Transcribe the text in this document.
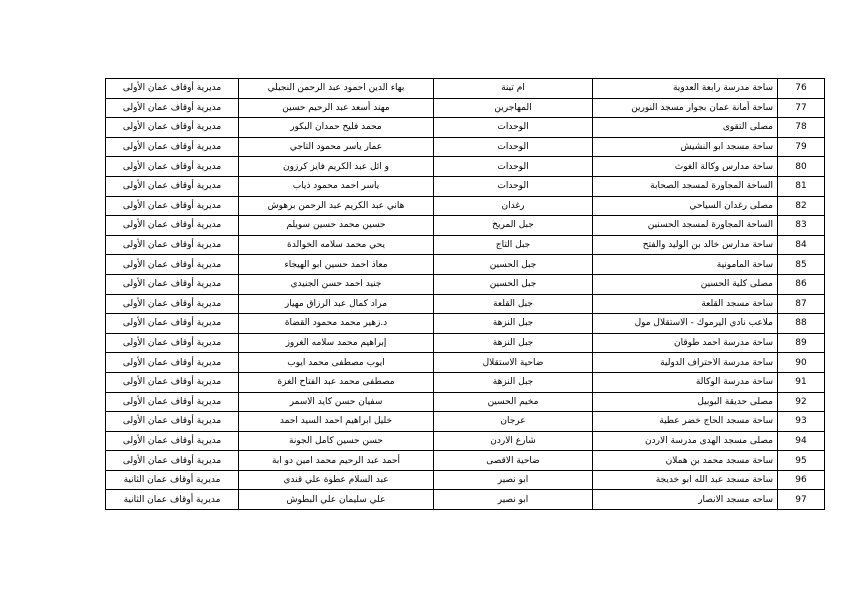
76	ساحة مدرسة رابعة العدوية	ام تينة	بهاء الدين احمود عبد الرحمن النجيلي	مديرية أوقاف عمان الأولى
77	ساحة أمانة عمان بجوار مسجد النورين	المهاجرين	مهند أسعد عبد الرحيم حسين	مديرية أوقاف عمان الأولى
78	مصلى التقوى	الوحدات	محمد فليح حمدان البكور	مديرية أوقاف عمان الأولى
79	ساحة مسجد ابو النشيش	الوحدات	عمار ياسر محمود التاجي	مديرية أوقاف عمان الأولى
80	ساحة مدارس وكالة الغوث	الوحدات	و ائل عبد الكريم فايز كرزون	مديرية أوقاف عمان الأولى
81	الساحة المجاورة لمسجد الصحابة	الوحدات	ياسر احمد محمود ذياب	مديرية أوقاف عمان الأولى
82	مصلى رغدان السياحي	رغدان	هاني عبد الكريم عبد الرحمن برهوش	مديرية أوقاف عمان الأولى
83	الساحة المجاورة لمسجد الحسنين	جبل المريخ	حسين محمد حسين سويلم	مديرية أوقاف عمان الأولى
84	ساحة مدارس خالد بن الوليد والفتح	جبل التاج	يحي محمد سلامه الخوالدة	مديرية أوقاف عمان الأولى
85	ساحة المامونية	جبل الحسين	معاذ احمد حسين ابو الهيجاء	مديرية أوقاف عمان الأولى
86	مصلى كلية الحسين	جبل الحسين	جنيد احمد حسن الجنيدي	مديرية أوقاف عمان الأولى
87	ساحة مسجد القلعة	جبل القلعة	مراد كمال عبد الرزاق مهيار	مديرية أوقاف عمان الأولى
88	ملاعب نادي اليرموك - الاستقلال مول	جبل النزهة	د.زهير محمد محمود القضاة	مديرية أوقاف عمان الأولى
89	ساحة مدرسة احمد طوقان	جبل النزهة	إبراهيم محمد سلامه الغروز	مديرية أوقاف عمان الأولى
90	ساحة مدرسة الاحتراف الدولية	ضاحية الاستقلال	ايوب مصطفى محمد ايوب	مديرية أوقاف عمان الأولى
91	ساحة مدرسة الوكالة	جبل النزهة	مصطفى محمد عبد الفتاح الغزة	مديرية أوقاف عمان الأولى
92	مصلى حديقة البوبيل	مخيم الحسين	سفيان حسن كايد الاسمر	مديرية أوقاف عمان الأولى
93	ساحة مسجد الحاج خضر عطية	عرجان	خليل ابراهيم احمد السيد احمد	مديرية أوقاف عمان الأولى
94	مصلى مسجد الهدى مدرسة الاردن	شارع الاردن	حسن حسين كامل الجونة	مديرية أوقاف عمان الأولى
95	ساحة مسجد محمد بن هملان	ضاحية الاقصى	أحمد عبد الرحيم محمد امين دو ابة	مديرية أوقاف عمان الأولى
96	ساحة مسجد عبد الله ابو خديجة	ابو نصير	عبد السلام عطوة علي قندي	مديرية أوقاف عمان الثانية
97	ساحه مسجد الانصار	ابو نصير	علي سليمان علي البطوش	مديرية أوقاف عمان الثانية
